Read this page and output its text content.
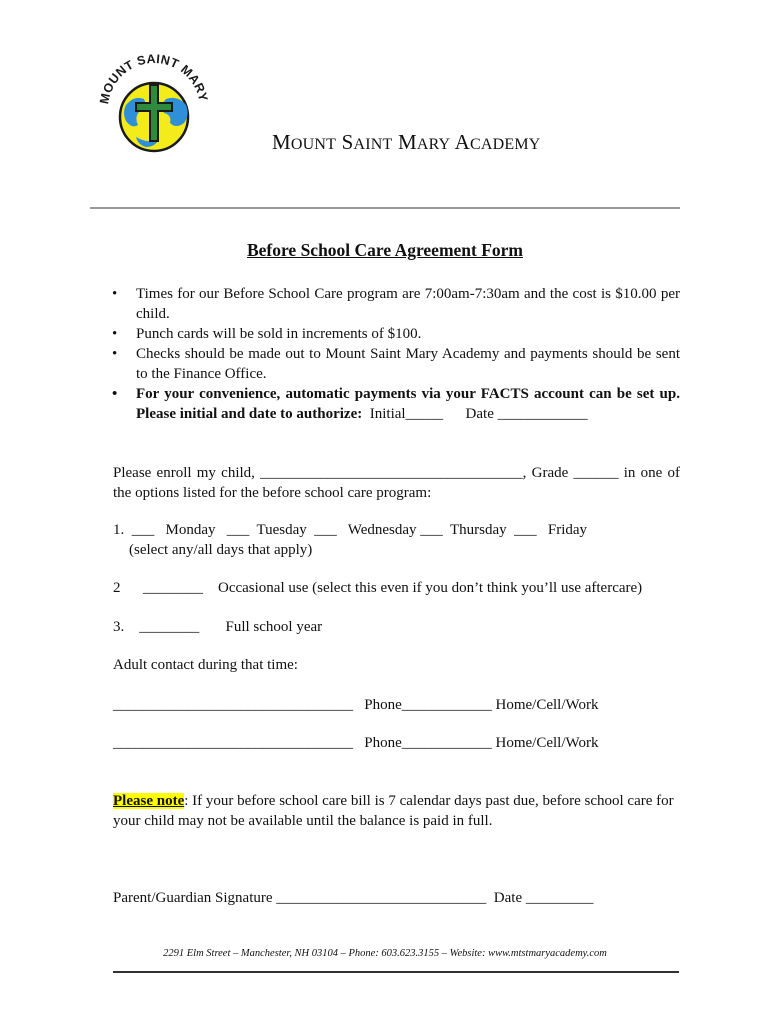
MOUNT SAINT MARY
MOUNT SAINT MARY ACADEMY
Before School Care Agreement Form
• Times for our Before School Care program are 7:00am-7:30am and the cost is $10.00 per child.
• Punch cards will be sold in increments of $100.
• Checks should be made out to Mount Saint Mary Academy and payments should be sent to the Finance Office.
• For your convenience, automatic payments via your FACTS account can be set up. Please initial and date to authorize:  Initial_____      Date ____________
Please enroll my child, ___________________________________, Grade ______ in one of the options listed for the before school care program:
1.  ___   Monday   ___  Tuesday  ___   Wednesday ___  Thursday  ___   Friday
(select any/all days that apply)
2      ________    Occasional use (select this even if you don’t think you’ll use aftercare)
3.    ________       Full school year
Adult contact during that time:
________________________________   Phone____________ Home/Cell/Work
________________________________   Phone____________ Home/Cell/Work
Please note: If your before school care bill is 7 calendar days past due, before school care for your child may not be available until the balance is paid in full.
Parent/Guardian Signature ____________________________  Date _________
2291 Elm Street – Manchester, NH 03104 – Phone: 603.623.3155 – Website: www.mtstmaryacademy.com
